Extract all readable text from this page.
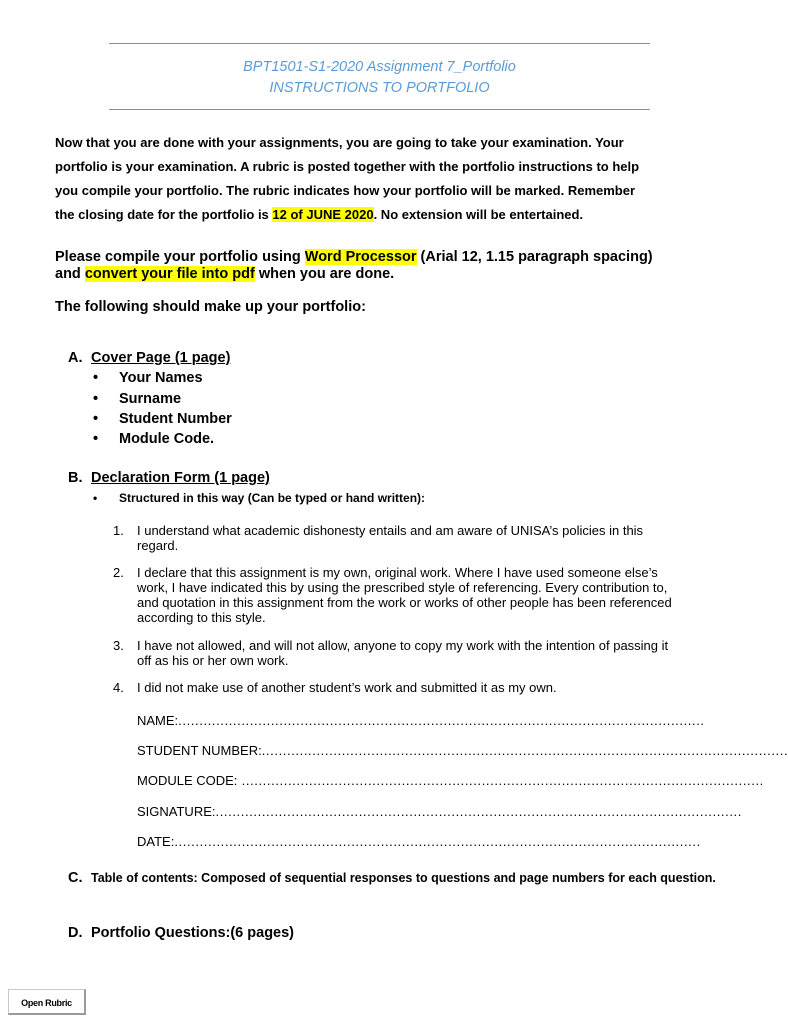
BPT1501-S1-2020 Assignment 7_Portfolio
INSTRUCTIONS TO PORTFOLIO
Now that you are done with your assignments, you are going to take your examination. Your
portfolio is your examination. A rubric is posted together with the portfolio instructions to help
you compile your portfolio. The rubric indicates how your portfolio will be marked. Remember
the closing date for the portfolio is 12 of JUNE 2020. No extension will be entertained.
Please compile your portfolio using Word Processor (Arial 12, 1.15 paragraph spacing)
and convert your file into pdf when you are done.
The following should make up your portfolio:
A. Cover Page (1 page)
• Your Names
• Surname
• Student Number
• Module Code.
B. Declaration Form (1 page)
• Structured in this way (Can be typed or hand written):
1. I understand what academic dishonesty entails and am aware of UNISA’s policies in this regard.
2. I declare that this assignment is my own, original work. Where I have used someone else’s work, I have indicated this by using the prescribed style of referencing. Every contribution to, and quotation in this assignment from the work or works of other people has been referenced according to this style.
3. I have not allowed, and will not allow, anyone to copy my work with the intention of passing it off as his or her own work.
4. I did not make use of another student’s work and submitted it as my own.
NAME:.............................................................................................................................
STUDENT NUMBER:.............................................................................................................................
MODULE CODE: ............................................................................................................................
SIGNATURE:.............................................................................................................................
DATE:.............................................................................................................................
C. Table of contents: Composed of sequential responses to questions and page numbers for each question.
D. Portfolio Questions:(6 pages)
Open Rubric
